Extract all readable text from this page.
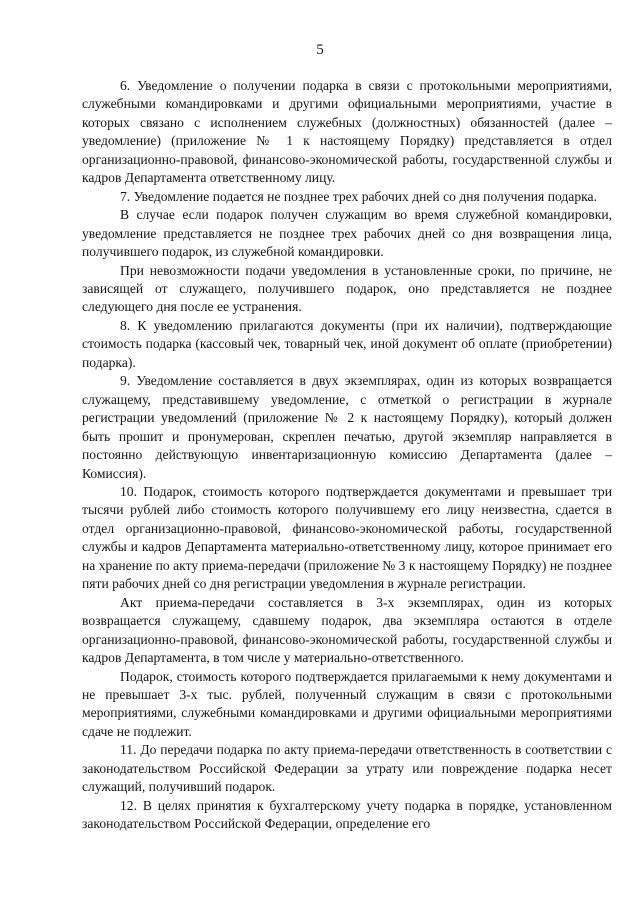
5

6. Уведомление о получении подарка в связи с протокольными мероприятиями, служебными командировками и другими официальными мероприятиями, участие в которых связано с исполнением служебных (должностных) обязанностей (далее – уведомление) (приложение № 1 к настоящему Порядку) представляется в отдел организационно-правовой, финансово-экономической работы, государственной службы и кадров Департамента ответственному лицу.

7. Уведомление подается не позднее трех рабочих дней со дня получения подарка.

В случае если подарок получен служащим во время служебной командировки, уведомление представляется не позднее трех рабочих дней со дня возвращения лица, получившего подарок, из служебной командировки.

При невозможности подачи уведомления в установленные сроки, по причине, не зависящей от служащего, получившего подарок, оно представляется не позднее следующего дня после ее устранения.

8. К уведомлению прилагаются документы (при их наличии), подтверждающие стоимость подарка (кассовый чек, товарный чек, иной документ об оплате (приобретении) подарка).

9. Уведомление составляется в двух экземплярах, один из которых возвращается служащему, представившему уведомление, с отметкой о регистрации в журнале регистрации уведомлений (приложение № 2 к настоящему Порядку), который должен быть прошит и пронумерован, скреплен печатью, другой экземпляр направляется в постоянно действующую инвентаризационную комиссию Департамента (далее – Комиссия).

10. Подарок, стоимость которого подтверждается документами и превышает три тысячи рублей либо стоимость которого получившему его лицу неизвестна, сдается в отдел организационно-правовой, финансово-экономической работы, государственной службы и кадров Департамента материально-ответственному лицу, которое принимает его на хранение по акту приема-передачи (приложение № 3 к настоящему Порядку) не позднее пяти рабочих дней со дня регистрации уведомления в журнале регистрации.

Акт приема-передачи составляется в 3-х экземплярах, один из которых возвращается служащему, сдавшему подарок, два экземпляра остаются в отделе организационно-правовой, финансово-экономической работы, государственной службы и кадров Департамента, в том числе у материально-ответственного.

Подарок, стоимость которого подтверждается прилагаемыми к нему документами и не превышает 3-х тыс. рублей, полученный служащим в связи с протокольными мероприятиями, служебными командировками и другими официальными мероприятиями сдаче не подлежит.

11. До передачи подарка по акту приема-передачи ответственность в соответствии с законодательством Российской Федерации за утрату или повреждение подарка несет служащий, получивший подарок.

12. В целях принятия к бухгалтерскому учету подарка в порядке, установленном законодательством Российской Федерации, определение его
